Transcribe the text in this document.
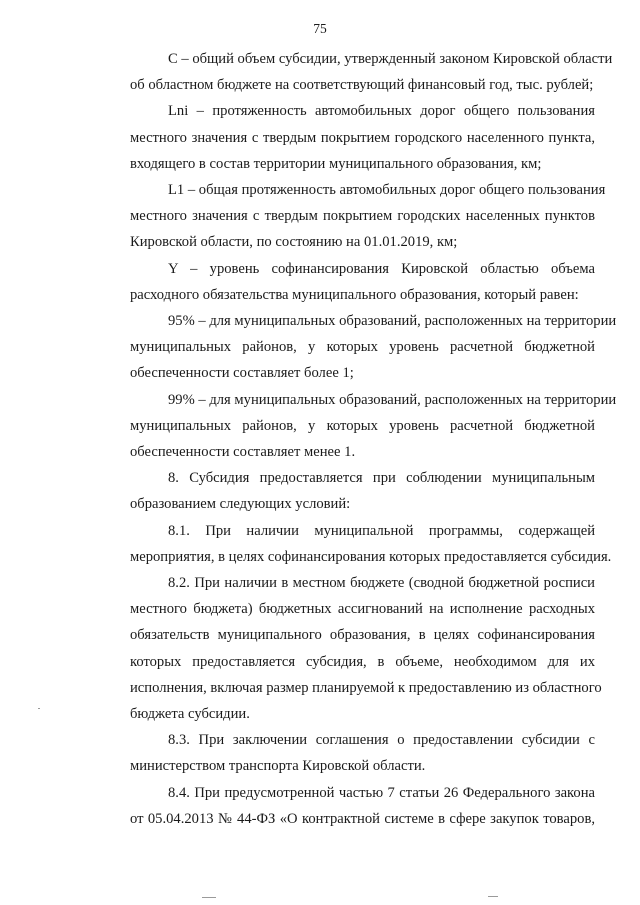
75

С – общий объем субсидии, утвержденный законом Кировской области
об областном бюджете на соответствующий финансовый год, тыс. рублей;

Lni – протяженность автомобильных дорог общего пользования
местного значения с твердым покрытием городского населенного пункта,
входящего в состав территории муниципального образования, км;

L1 – общая протяженность автомобильных дорог общего пользования
местного значения с твердым покрытием городских населенных пунктов
Кировской области, по состоянию на 01.01.2019, км;

Y – уровень софинансирования Кировской областью объема
расходного обязательства муниципального образования, который равен:

95% – для муниципальных образований, расположенных на территории
муниципальных районов, у которых уровень расчетной бюджетной
обеспеченности составляет более 1;

99% – для муниципальных образований, расположенных на территории
муниципальных районов, у которых уровень расчетной бюджетной
обеспеченности составляет менее 1.

8. Субсидия предоставляется при соблюдении муниципальным
образованием следующих условий:

8.1. При наличии муниципальной программы, содержащей
мероприятия, в целях софинансирования которых предоставляется субсидия.

8.2. При наличии в местном бюджете (сводной бюджетной росписи
местного бюджета) бюджетных ассигнований на исполнение расходных
обязательств муниципального образования, в целях софинансирования
которых предоставляется субсидия, в объеме, необходимом для их
исполнения, включая размер планируемой к предоставлению из областного
бюджета субсидии.

8.3. При заключении соглашения о предоставлении субсидии с
министерством транспорта Кировской области.

8.4. При предусмотренной частью 7 статьи 26 Федерального закона
от 05.04.2013 № 44-ФЗ «О контрактной системе в сфере закупок товаров,
